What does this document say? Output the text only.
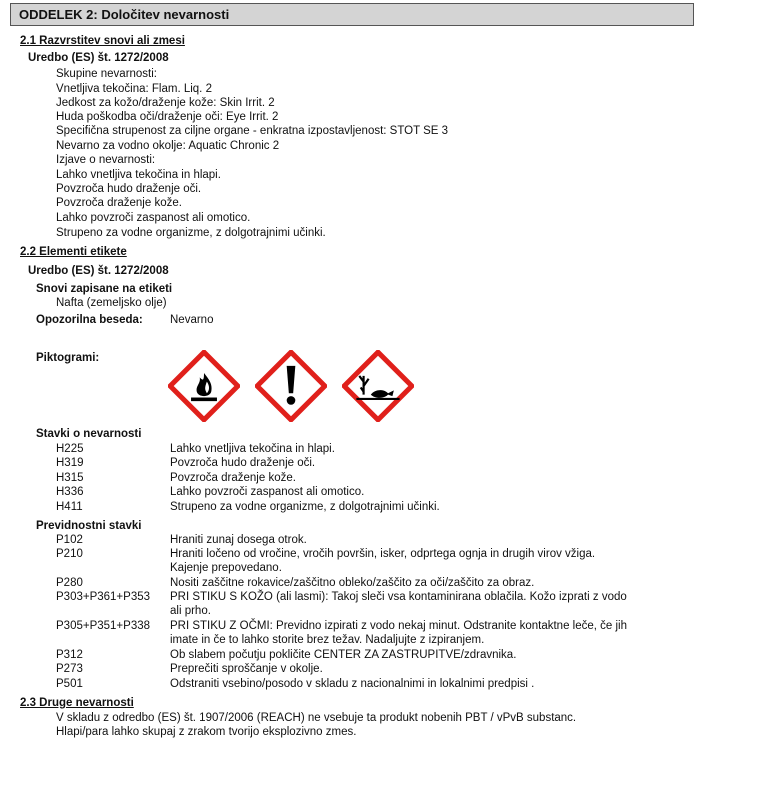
ODDELEK 2: Določitev nevarnosti
2.1 Razvrstitev snovi ali zmesi
Uredbo (ES) št. 1272/2008
Skupine nevarnosti:
Vnetljiva tekočina: Flam. Liq. 2
Jedkost za kožo/draženje kože: Skin Irrit. 2
Huda poškodba oči/draženje oči: Eye Irrit. 2
Specifična strupenost za ciljne organe - enkratna izpostavljenost: STOT SE 3
Nevarno za vodno okolje: Aquatic Chronic 2
Izjave o nevarnosti:
Lahko vnetljiva tekočina in hlapi.
Povzroča hudo draženje oči.
Povzroča draženje kože.
Lahko povzroči zaspanost ali omotico.
Strupeno za vodne organizme, z dolgotrajnimi učinki.
2.2 Elementi etikete
Uredbo (ES) št. 1272/2008
Snovi zapisane na etiketi
Nafta (zemeljsko olje)
Opozorilna beseda: Nevarno
Piktogrami:
Stavki o nevarnosti
H225	Lahko vnetljiva tekočina in hlapi.
H319	Povzroča hudo draženje oči.
H315	Povzroča draženje kože.
H336	Lahko povzroči zaspanost ali omotico.
H411	Strupeno za vodne organizme, z dolgotrajnimi učinki.
Previdnostni stavki
P102	Hraniti zunaj dosega otrok.
P210	Hraniti ločeno od vročine, vročih površin, isker, odprtega ognja in drugih virov vžiga.
Kajenje prepovedano.
P280	Nositi zaščitne rokavice/zaščitno obleko/zaščito za oči/zaščito za obraz.
P303+P361+P353 PRI STIKU S KOŽO (ali lasmi): Takoj sleči vsa kontaminirana oblačila. Kožo izprati z vodo
ali prho.
P305+P351+P338 PRI STIKU Z OČMI: Previdno izpirati z vodo nekaj minut. Odstranite kontaktne leče, če jih
imate in če to lahko storite brez težav. Nadaljujte z izpiranjem.
P312	Ob slabem počutju pokličite CENTER ZA ZASTRUPITVE/zdravnika.
P273	Preprečiti sproščanje v okolje.
P501	Odstraniti vsebino/posodo v skladu z nacionalnimi in lokalnimi predpisi .
2.3 Druge nevarnosti
V skladu z odredbo (ES) št. 1907/2006 (REACH) ne vsebuje ta produkt nobenih PBT / vPvB substanc.
Hlapi/para lahko skupaj z zrakom tvorijo eksplozivno zmes.
